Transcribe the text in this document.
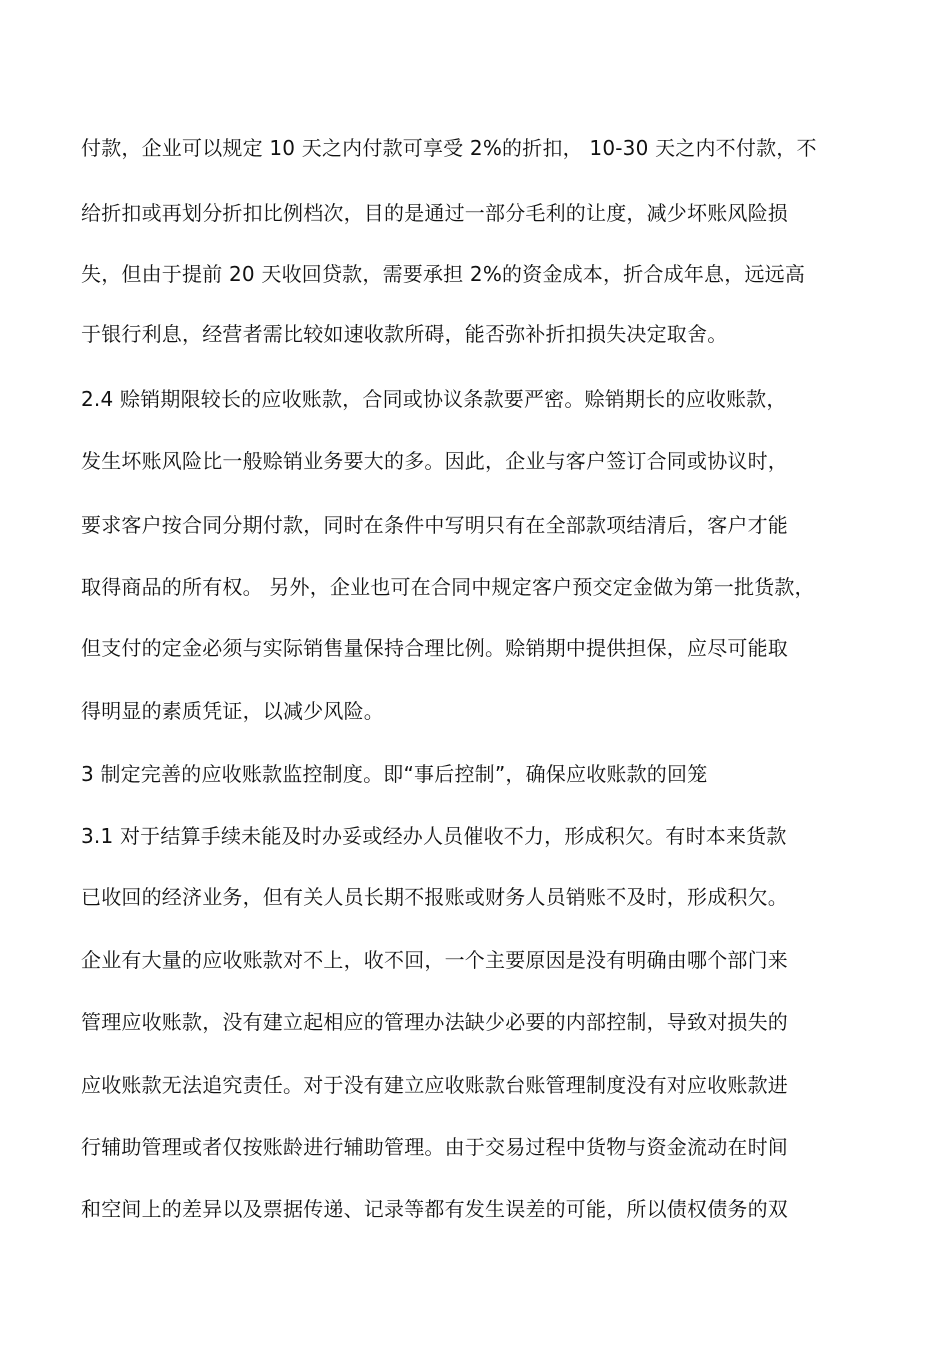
付款，企业可以规定 10 天之内付款可享受 2%的折扣， 10-30 天之内不付款，不
给折扣或再划分折扣比例档次，目的是通过一部分毛利的让度，减少坏账风险损
失，但由于提前 20 天收回贷款，需要承担 2%的资金成本，折合成年息，远远高
于银行利息，经营者需比较如速收款所碍，能否弥补折扣损失决定取舍。
2.4 赊销期限较长的应收账款，合同或协议条款要严密。赊销期长的应收账款，
发生坏账风险比一般赊销业务要大的多。因此，企业与客户签订合同或协议时，
要求客户按合同分期付款，同时在条件中写明只有在全部款项结清后，客户才能
取得商品的所有权。 另外，企业也可在合同中规定客户预交定金做为第一批货款，
但支付的定金必须与实际销售量保持合理比例。赊销期中提供担保，应尽可能取
得明显的素质凭证，以减少风险。
3 制定完善的应收账款监控制度。即“事后控制”，确保应收账款的回笼
3.1 对于结算手续未能及时办妥或经办人员催收不力，形成积欠。有时本来货款
已收回的经济业务，但有关人员长期不报账或财务人员销账不及时，形成积欠。
企业有大量的应收账款对不上，收不回，一个主要原因是没有明确由哪个部门来
管理应收账款，没有建立起相应的管理办法缺少必要的内部控制，导致对损失的
应收账款无法追究责任。对于没有建立应收账款台账管理制度没有对应收账款进
行辅助管理或者仅按账龄进行辅助管理。由于交易过程中货物与资金流动在时间
和空间上的差异以及票据传递、记录等都有发生误差的可能，所以债权债务的双
